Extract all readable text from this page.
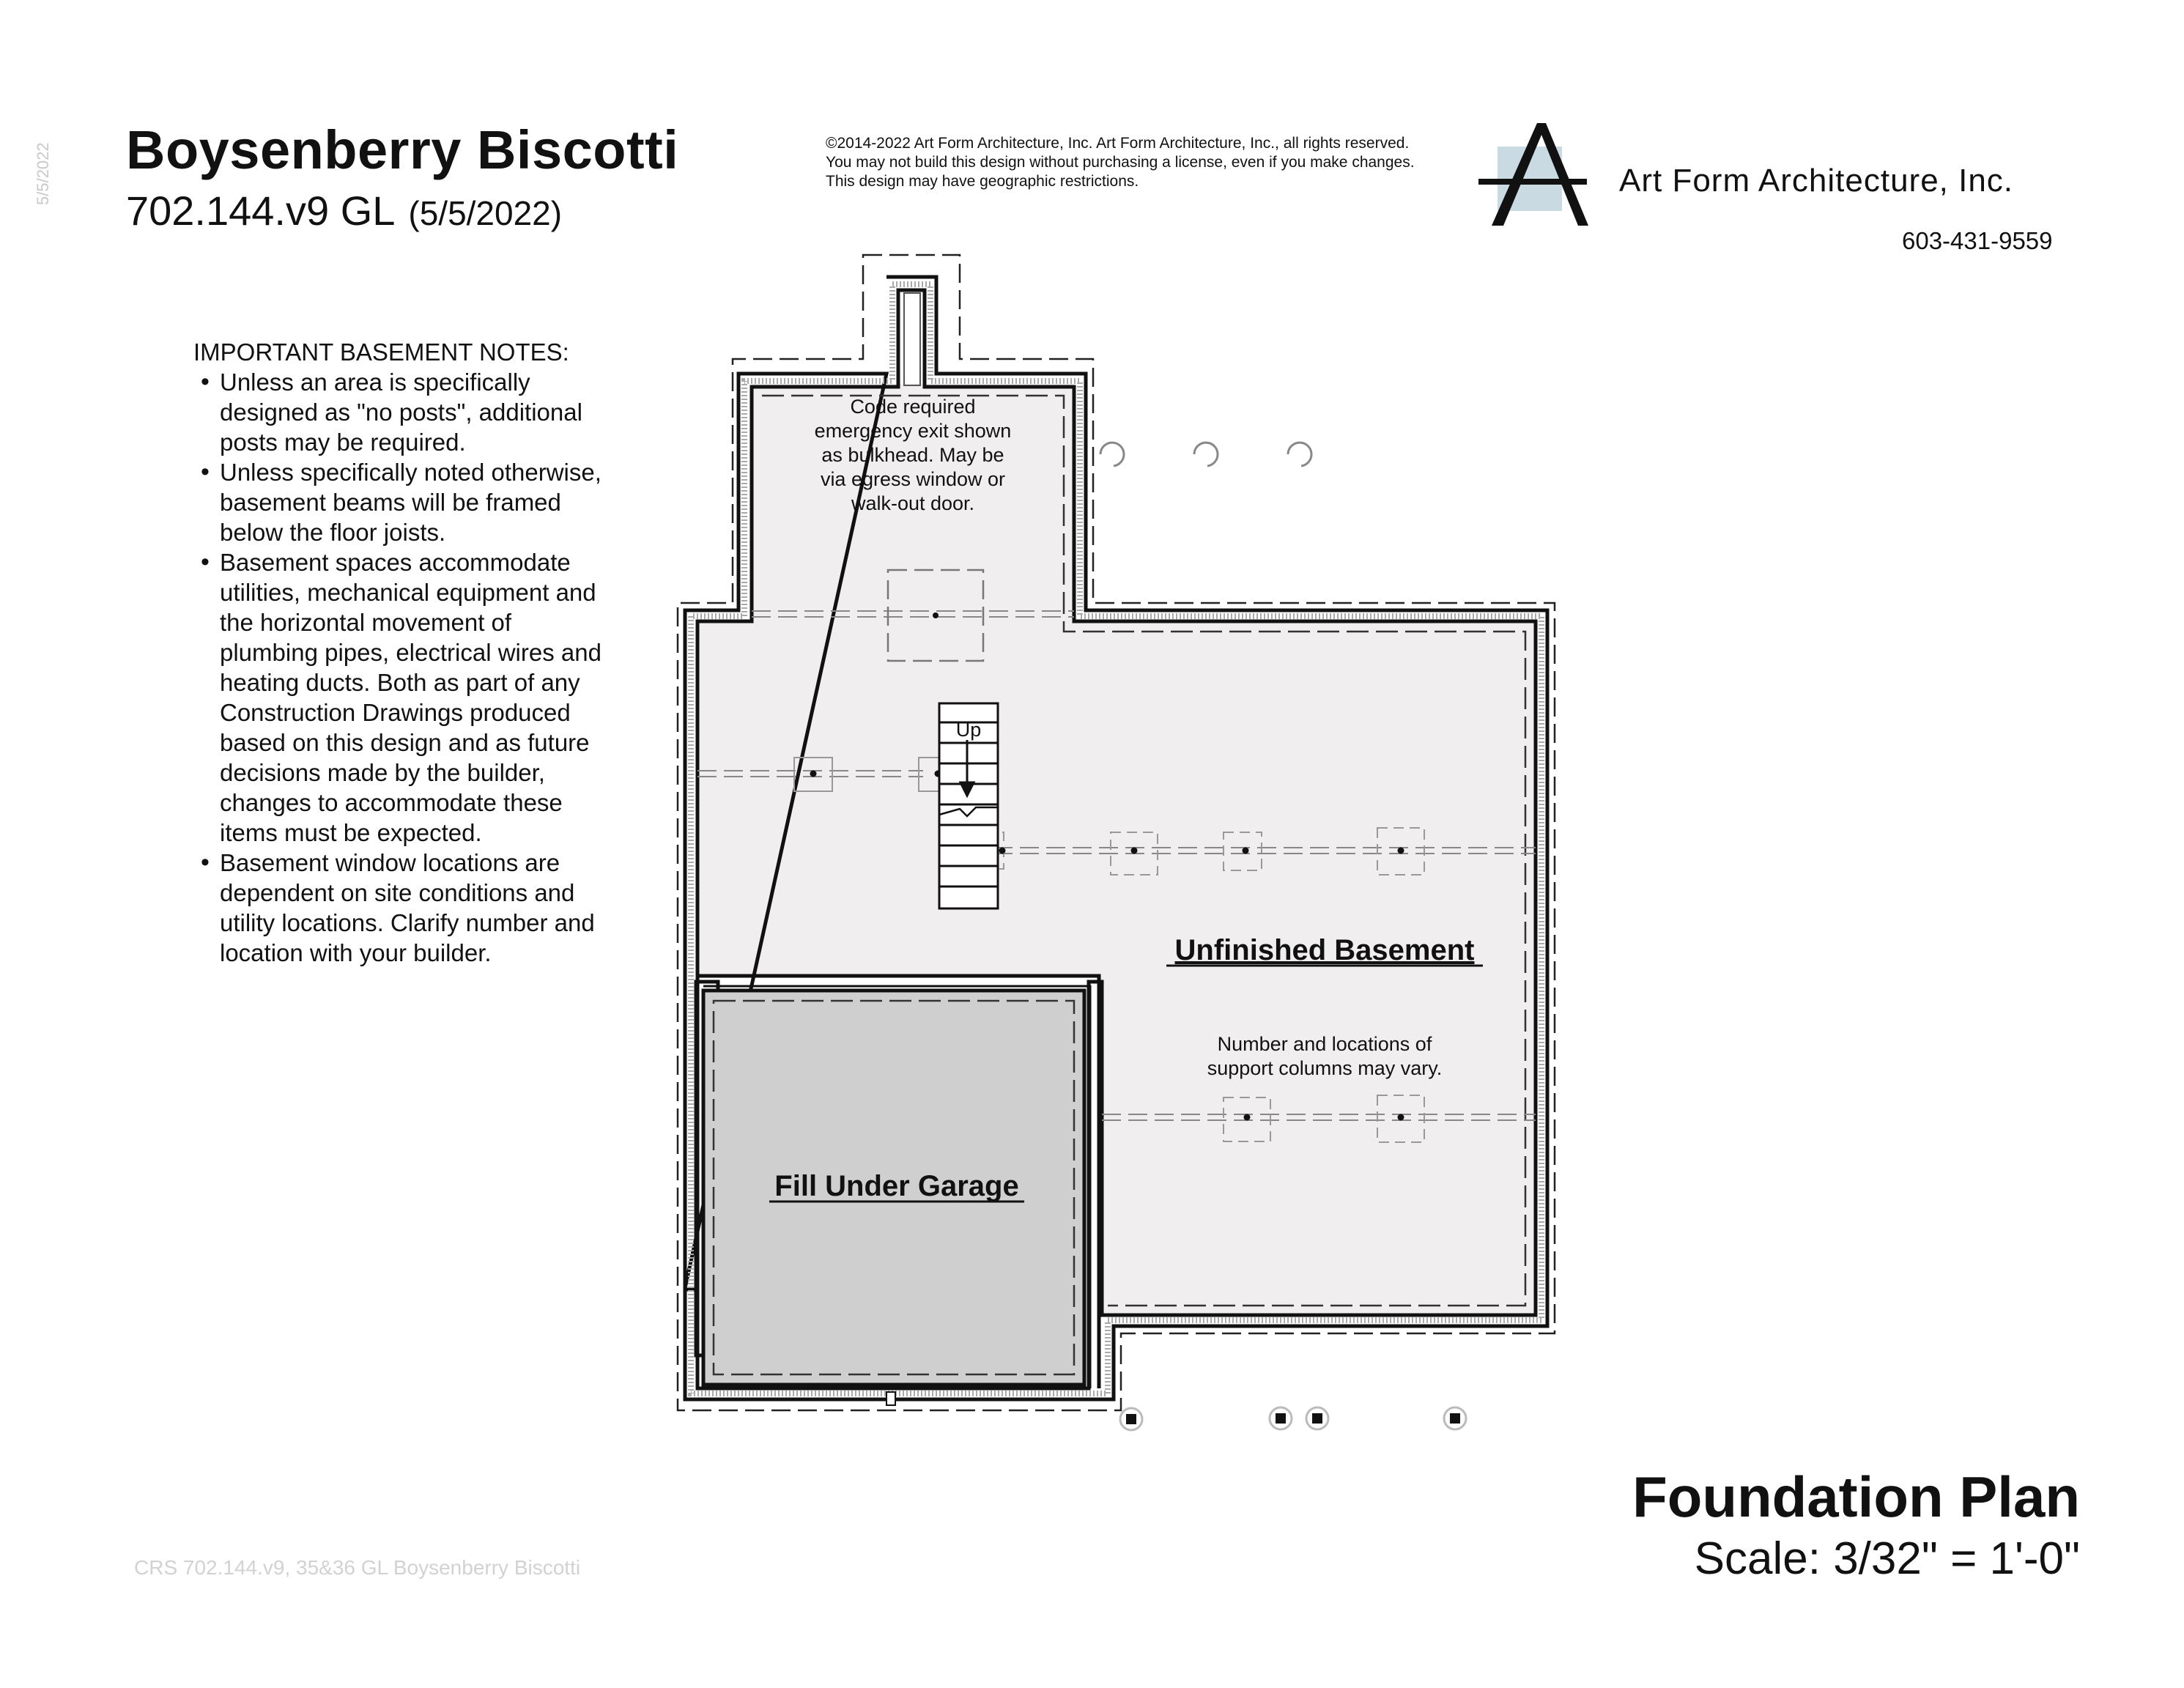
5/5/2022	Boysenberry Biscotti
702.144.v9 GL (5/5/2022)
©2014-2022 Art Form Architecture, Inc. Art Form Architecture, Inc., all rights reserved. You may not build this design without purchasing a license, even if you make changes. This design may have geographic restrictions.	Art Form Architecture, Inc.
603-431-9559
IMPORTANT BASEMENT NOTES:
• Unless an area is specifically designed as "no posts", additional posts may be required.
• Unless specifically noted otherwise, basement beams will be framed below the floor joists.
• Basement spaces accommodate utilities, mechanical equipment and the horizontal movement of plumbing pipes, electrical wires and heating ducts. Both as part of any Construction Drawings produced based on this design and as future decisions made by the builder, changes to accommodate these items must be expected.
• Basement window locations are dependent on site conditions and utility locations. Clarify number and location with your builder.
Up
Code required
emergency exit shown
as bulkhead. May be
via egress window or
walk-out door.
Unfinished Basement
Number and locations of
support columns may vary.
Fill Under Garage
Foundation Plan
Scale: 3/32" = 1'-0"
CRS 702.144.v9, 35&36 GL Boysenberry Biscotti
